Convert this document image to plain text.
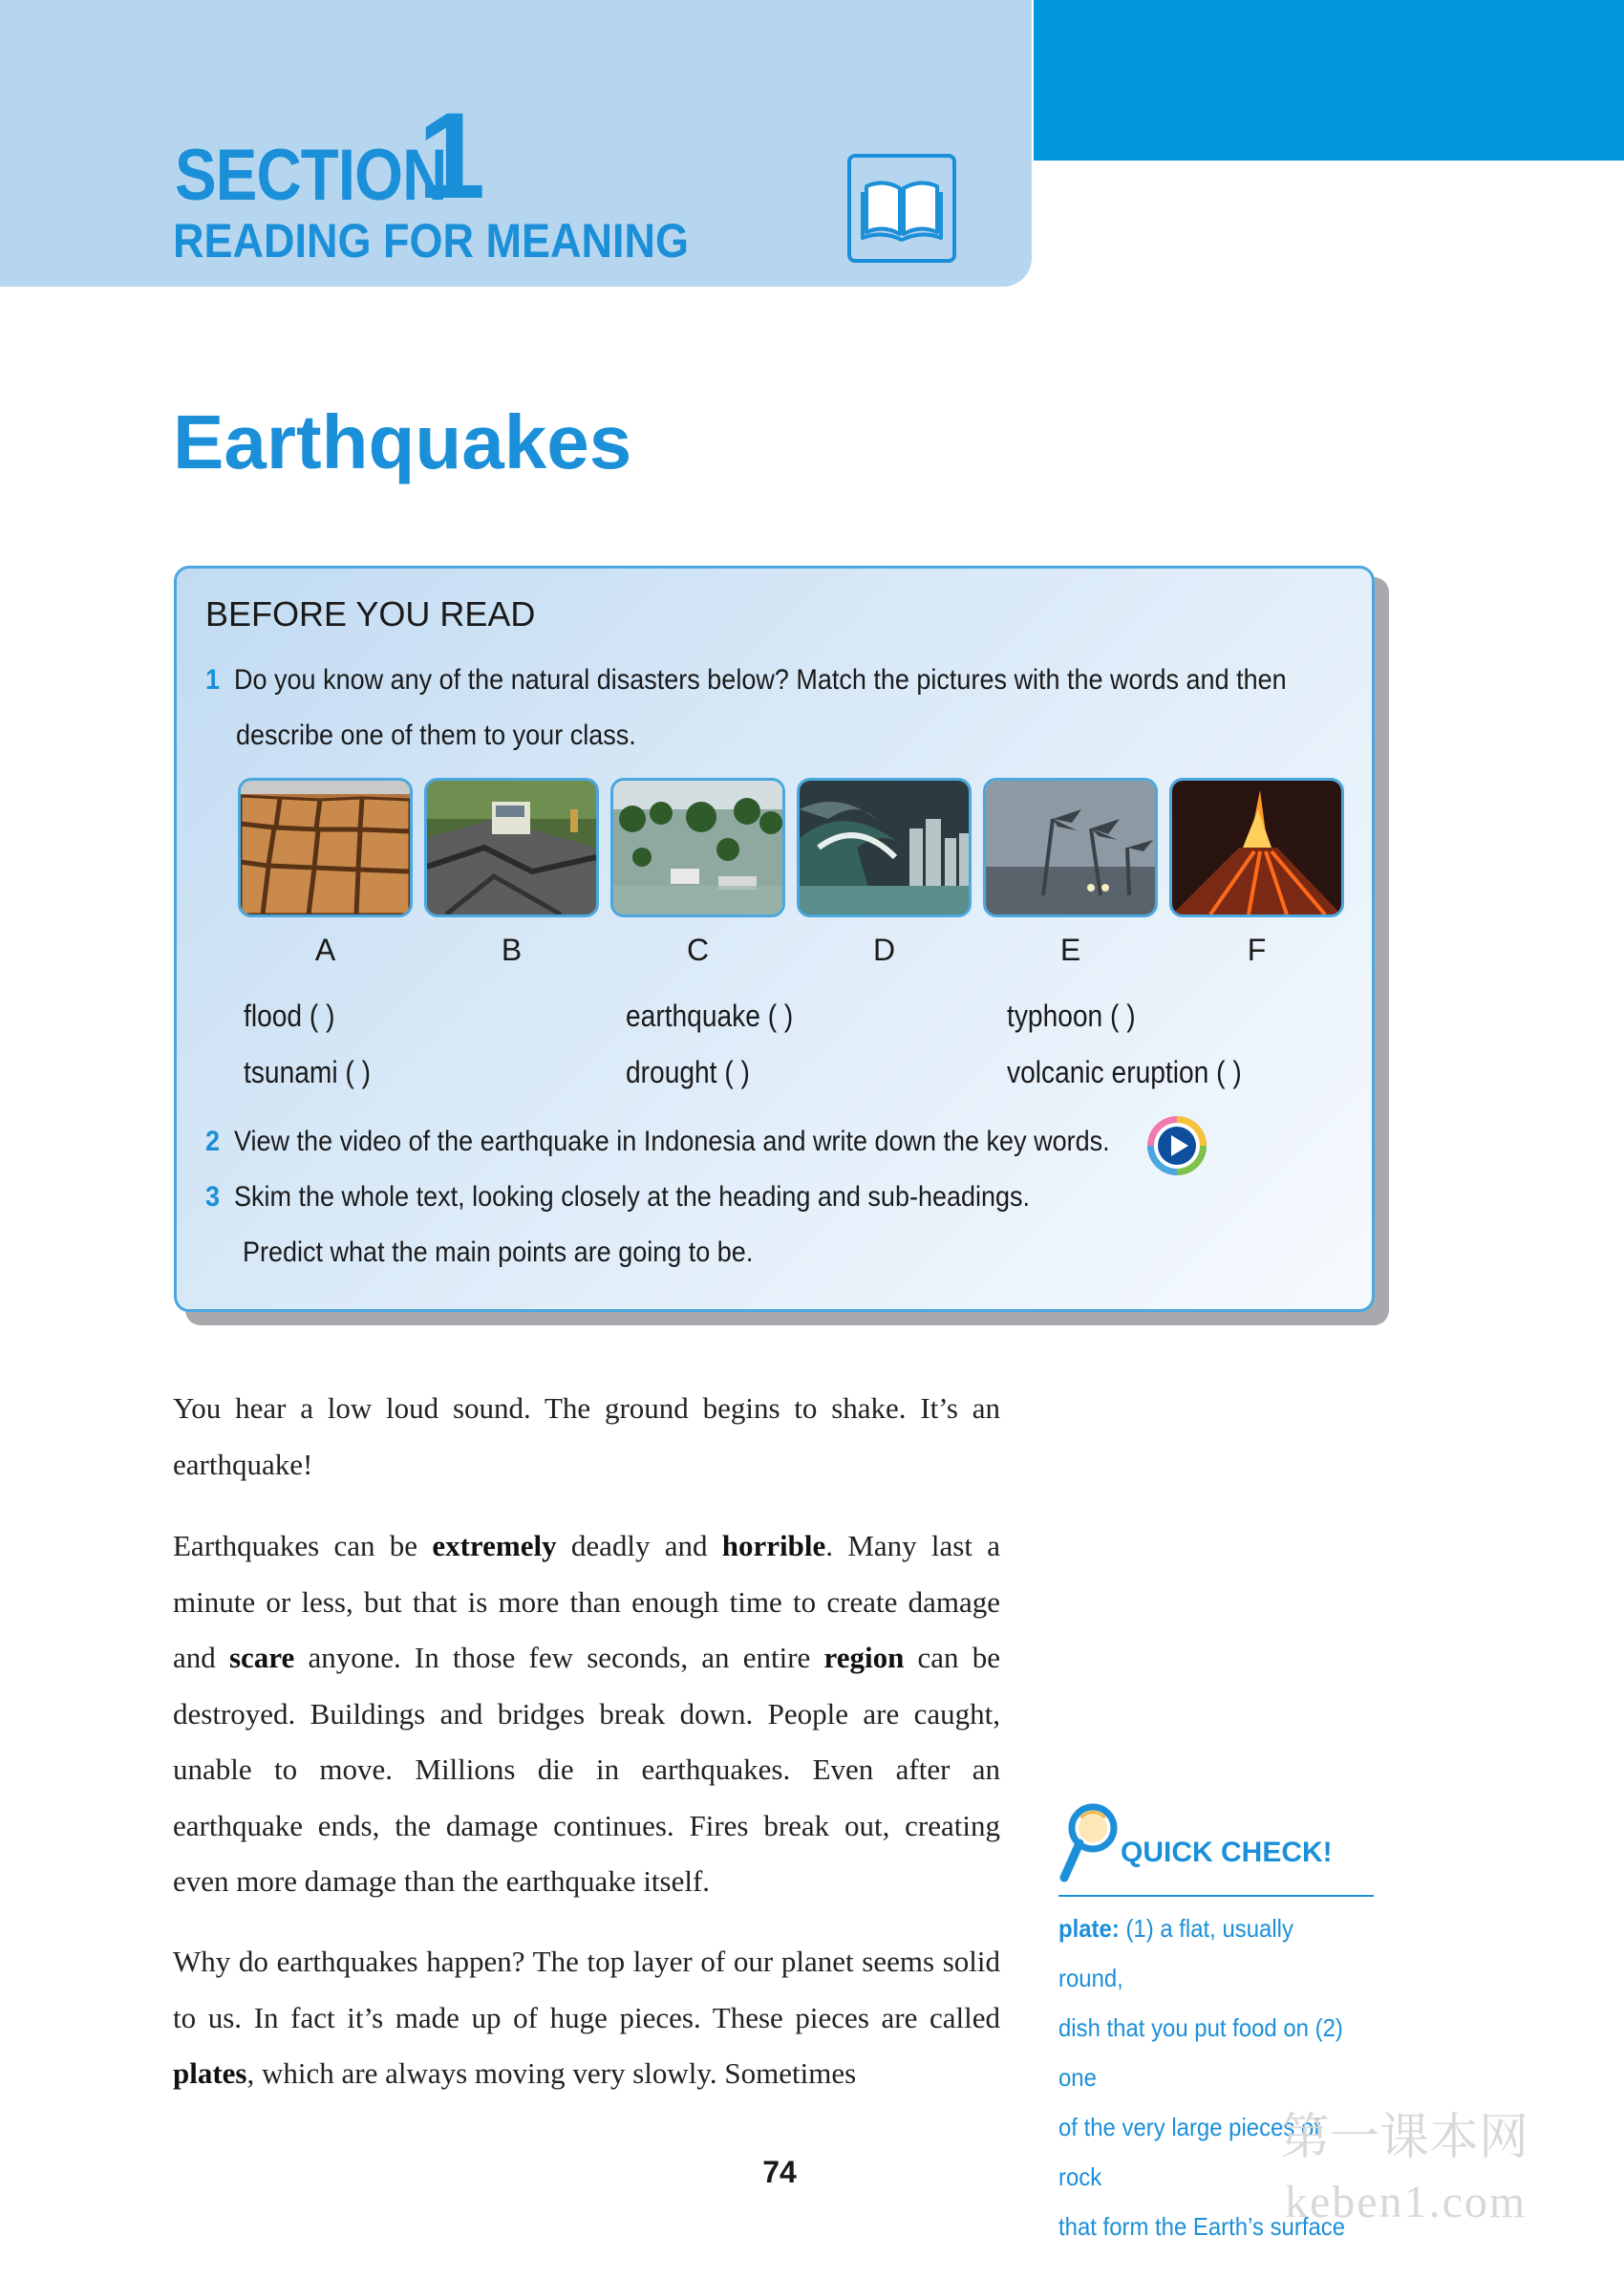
SECTION
1
READING FOR MEANING
Earthquakes
BEFORE YOU READ
1 Do you know any of the natural disasters below? Match the pictures with the words and then
describe one of them to your class.
A	B	C	D	E	F
flood ( )	earthquake ( )	typhoon ( )
tsunami ( )	drought ( )	volcanic eruption ( )
2 View the video of the earthquake in Indonesia and write down the key words.
3 Skim the whole text, looking closely at the heading and sub-headings.
Predict what the main points are going to be.

You hear a low loud sound. The ground begins to shake. It’s an earthquake!

Earthquakes can be extremely deadly and horrible. Many last a minute or less, but that is more than enough time to create damage and scare anyone. In those few seconds, an entire region can be destroyed. Buildings and bridges break down. People are caught, unable to move. Millions die in earthquakes. Even after an earthquake ends, the damage continues. Fires break out, creating even more damage than the earthquake itself.

Why do earthquakes happen? The top layer of our planet seems solid to us. In fact it’s made up of huge pieces. These pieces are called plates, which are always moving very slowly. Sometimes

QUICK CHECK!
plate: (1) a flat, usually round,
dish that you put food on (2) one
of the very large pieces of rock
that form the Earth’s surface
74
第一课本网
keben1.com
